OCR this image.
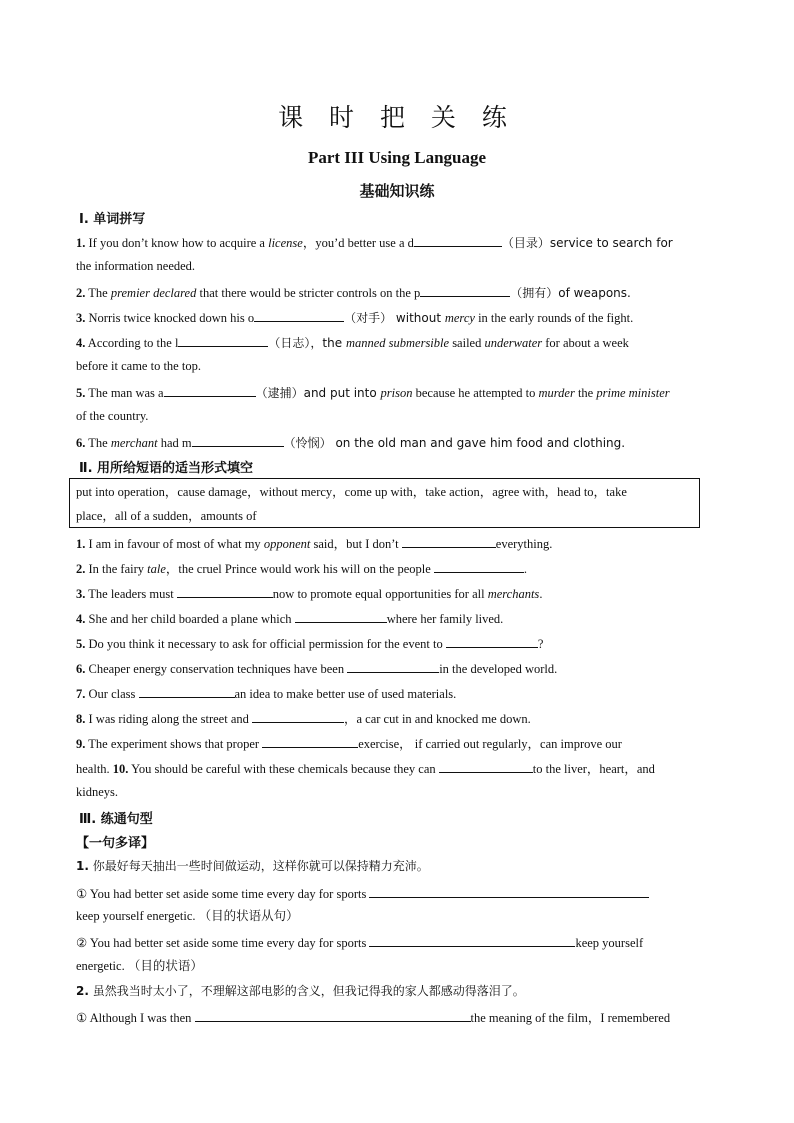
课 时 把 关 练
Part III Using Language
基础知识练
Ⅰ. 单词拼写
1. If you don’t know how to acquire a license，you’d better use a d	（目录）service to search for
the information needed.
2. The premier declared that there would be stricter controls on the p	（拥有）of weapons.
3. Norris twice knocked down his o	（对手） without mercy in the early rounds of the fight.
4. According to the l	（日志），the manned submersible sailed underwater for about a week
before it came to the top.
5. The man was a	（逮捕）and put into prison because he attempted to murder the prime minister
of the country.
6. The merchant had m	（怜悯） on the old man and gave him food and clothing.
Ⅱ. 用所给短语的适当形式填空
put into operation，cause damage，without mercy，come up with，take action，agree with，head to，take
place，all of a sudden，amounts of
1. I am in favour of most of what my opponent said，but I don’t	everything.
2. In the fairy tale，the cruel Prince would work his will on the people	.
3. The leaders must	now to promote equal opportunities for all merchants.
4. She and her child boarded a plane which	where her family lived.
5. Do you think it necessary to ask for official permission for the event to	?
6. Cheaper energy conservation techniques have been	in the developed world.
7. Our class	an idea to make better use of used materials.
8. I was riding along the street and	，a car cut in and knocked me down.
9. The experiment shows that proper	exercise， if carried out regularly，can improve our
health. 10. You should be careful with these chemicals because they can	to the liver，heart，and
kidneys.
Ⅲ. 练通句型
【一句多译】
1. 你最好每天抽出一些时间做运动，这样你就可以保持精力充沛。
① You had better set aside some time every day for sports
keep yourself energetic. （目的状语从句）
② You had better set aside some time every day for sports	keep yourself
energetic. （目的状语）
2. 虽然我当时太小了，不理解这部电影的含义，但我记得我的家人都感动得落泪了。
① Although I was then	the meaning of the film，I remembered
